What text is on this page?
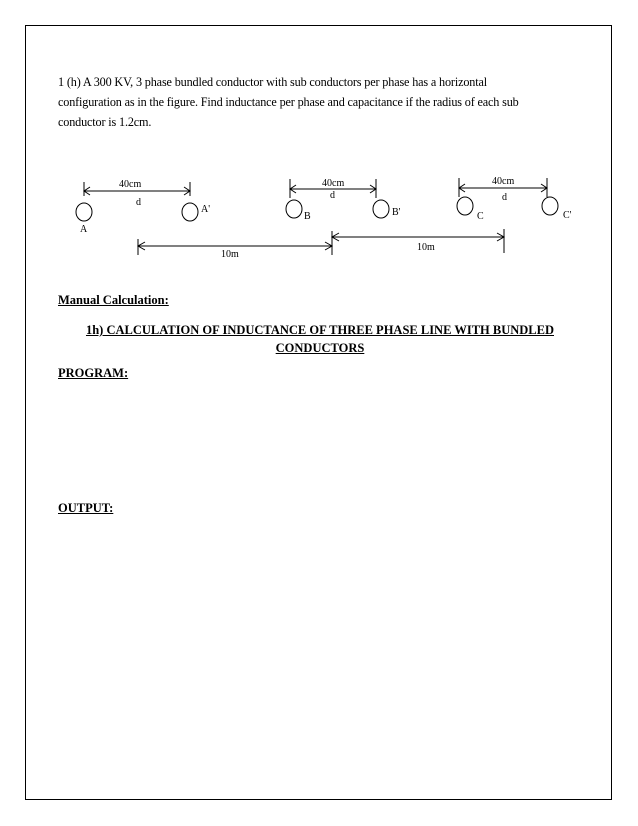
1 (h) A 300 KV, 3 phase bundled conductor with sub conductors per phase has a horizontal

configuration as in the figure. Find inductance per phase and capacitance if the radius of each sub

conductor is 1.2cm.

40cm	40cm	40cm
d
d	d
A
A'
B	B'	C	C'
10m
10m
Manual Calculation:
1h) CALCULATION OF INDUCTANCE OF THREE PHASE LINE WITH BUNDLED
CONDUCTORS
PROGRAM:
OUTPUT:
